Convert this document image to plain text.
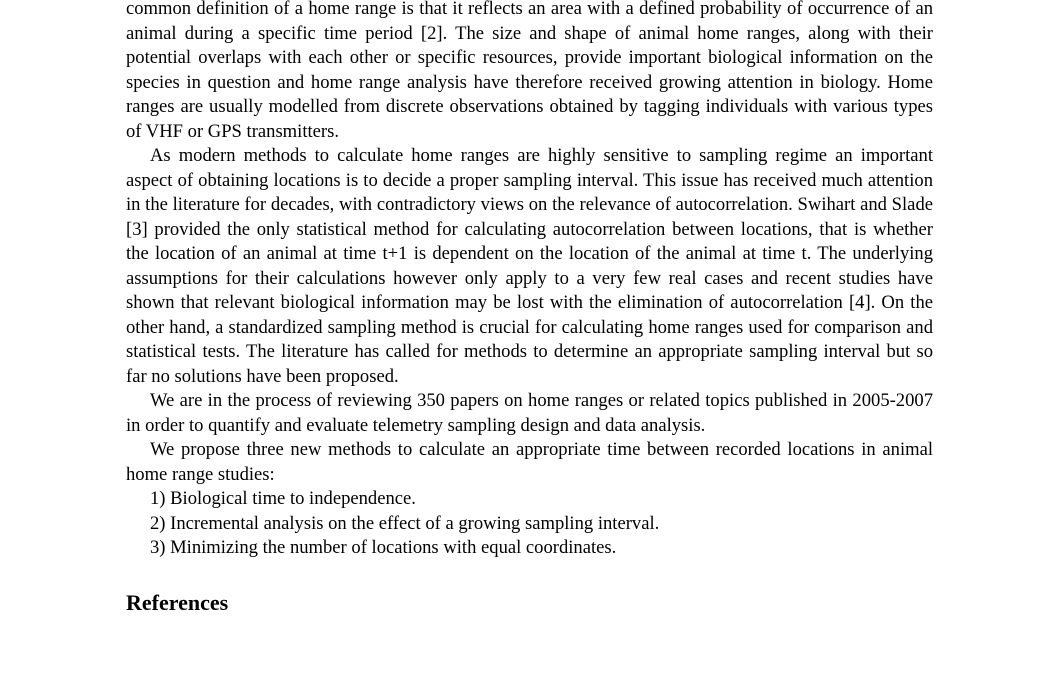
common definition of a home range is that it reflects an area with a defined probability of occurrence of an animal during a specific time period [2]. The size and shape of animal home ranges, along with their potential overlaps with each other or specific resources, provide important biological information on the species in question and home range analysis have therefore received growing attention in biology. Home ranges are usually modelled from discrete observations obtained by tagging individuals with various types of VHF or GPS transmitters.

As modern methods to calculate home ranges are highly sensitive to sampling regime an important aspect of obtaining locations is to decide a proper sampling interval. This issue has received much attention in the literature for decades, with contradictory views on the relevance of autocorrelation. Swihart and Slade [3] provided the only statistical method for calculating autocorrelation between locations, that is whether the location of an animal at time t+1 is dependent on the location of the animal at time t. The underlying assumptions for their calculations however only apply to a very few real cases and recent studies have shown that relevant biological information may be lost with the elimination of autocorrelation [4]. On the other hand, a standardized sampling method is crucial for calculating home ranges used for comparison and statistical tests. The literature has called for methods to determine an appropriate sampling interval but so far no solutions have been proposed.

We are in the process of reviewing 350 papers on home ranges or related topics published in 2005-2007 in order to quantify and evaluate telemetry sampling design and data analysis.

We propose three new methods to calculate an appropriate time between recorded locations in animal home range studies:

1) Biological time to independence.
2) Incremental analysis on the effect of a growing sampling interval.
3) Minimizing the number of locations with equal coordinates.
References
